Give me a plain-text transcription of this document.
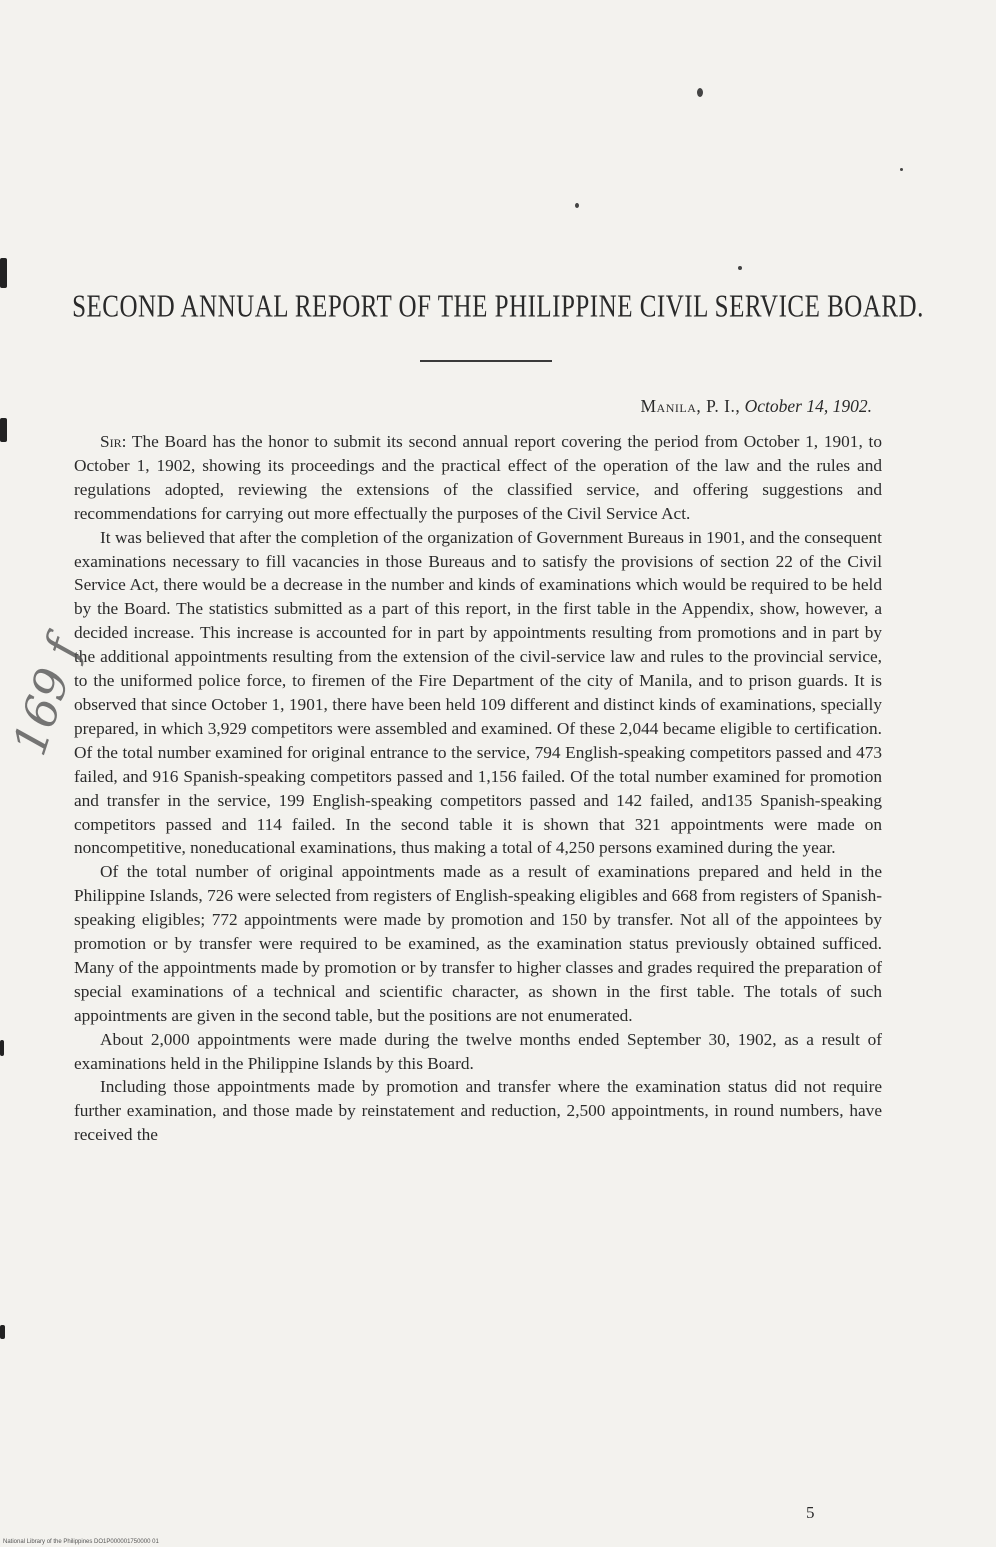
SECOND ANNUAL REPORT OF THE PHILIPPINE CIVIL SERVICE BOARD.
Manila, P. I., October 14, 1902.

Sir: The Board has the honor to submit its second annual report covering the period from October 1, 1901, to October 1, 1902, showing its proceedings and the practical effect of the operation of the law and the rules and regulations adopted, reviewing the extensions of the classified service, and offering suggestions and recommendations for carrying out more effectually the purposes of the Civil Service Act.

It was believed that after the completion of the organization of Government Bureaus in 1901, and the consequent examinations necessary to fill vacancies in those Bureaus and to satisfy the provisions of section 22 of the Civil Service Act, there would be a decrease in the number and kinds of examinations which would be required to be held by the Board. The statistics submitted as a part of this report, in the first table in the Appendix, show, however, a decided increase. This increase is accounted for in part by appointments resulting from promotions and in part by the additional appointments resulting from the extension of the civil-service law and rules to the provincial service, to the uniformed police force, to firemen of the Fire Department of the city of Manila, and to prison guards. It is observed that since October 1, 1901, there have been held 109 different and distinct kinds of examinations, specially prepared, in which 3,929 competitors were assembled and examined. Of these 2,044 became eligible to certification. Of the total number examined for original entrance to the service, 794 English-speaking competitors passed and 473 failed, and 916 Spanish-speaking competitors passed and 1,156 failed. Of the total number examined for promotion and transfer in the service, 199 English-speaking competitors passed and 142 failed, and135 Spanish-speaking competitors passed and 114 failed. In the second table it is shown that 321 appointments were made on noncompetitive, noneducational examinations, thus making a total of 4,250 persons examined during the year.

Of the total number of original appointments made as a result of examinations prepared and held in the Philippine Islands, 726 were selected from registers of English-speaking eligibles and 668 from registers of Spanish-speaking eligibles; 772 appointments were made by promotion and 150 by transfer. Not all of the appointees by promotion or by transfer were required to be examined, as the examination status previously obtained sufficed. Many of the appointments made by promotion or by transfer to higher classes and grades required the preparation of special examinations of a technical and scientific character, as shown in the first table. The totals of such appointments are given in the second table, but the positions are not enumerated.

About 2,000 appointments were made during the twelve months ended September 30, 1902, as a result of examinations held in the Philippine Islands by this Board.

Including those appointments made by promotion and transfer where the examination status did not require further examination, and those made by reinstatement and reduction, 2,500 appointments, in round numbers, have received the

169 f
5
National Library of the Philippines DO1P000001750000 01
